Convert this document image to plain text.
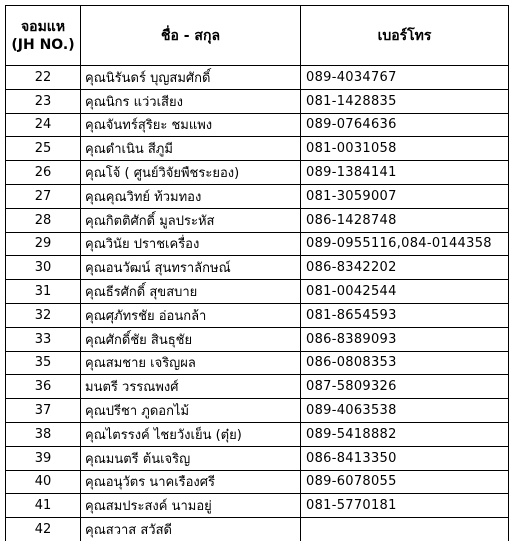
จอมแห
(JH NO.)	ชื่อ - สกุล	เบอร์โทร
22	คุณนิรันดร์ บุญสมศักดิ์	089-4034767
23	คุณนิกร แว่วเสียง	081-1428835
24	คุณจันทร์สุริยะ ชมแพง	089-0764636
25	คุณดำเนิน สีภูมี	081-0031058
26	คุณโจ้ ( ศูนย์วิจัยพืชระยอง)	089-1384141
27	คุณคุณวิทย์ ท้วมทอง	081-3059007
28	คุณกิตติศักดิ์ มูลประหัส	086-1428748
29	คุณวินัย ปราชเครื่อง	089-0955116,084-0144358
30	คุณอนวัฒน์ สุนทราลักษณ์	086-8342202
31	คุณธีรศักดิ์ สุขสบาย	081-0042544
32	คุณศุภัทรชัย อ่อนกล้า	081-8654593
33	คุณศักดิ์ชัย สินธุชัย	086-8389093
35	คุณสมชาย เจริญผล	086-0808353
36	มนตรี วรรณพงศ์	087-5809326
37	คุณปรีชา ภูดอกไม้	089-4063538
38	คุณไตรรงค์ ไชยวังเย็น (ตุ๋ย)	089-5418882
39	คุณมนตรี ต้นเจริญ	086-8413350
40	คุณอนุวัตร นาคเรืองศรี	089-6078055
41	คุณสมประสงค์ นามอยู่	081-5770181
42	คุณสวาส สวัสดี	
